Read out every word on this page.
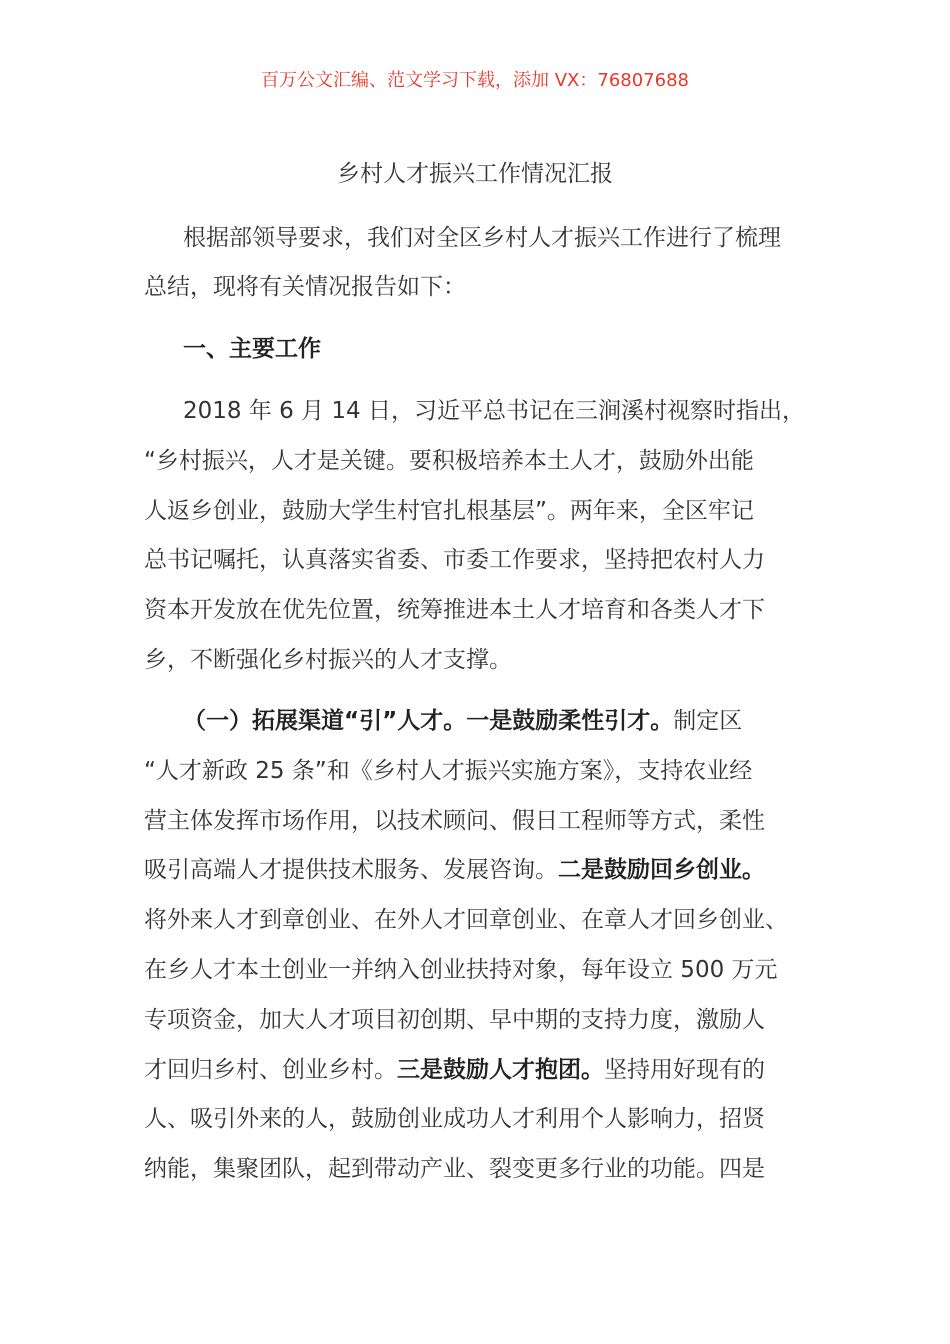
百万公文汇编、范文学习下载，添加 VX：76807688
乡村人才振兴工作情况汇报
根据部领导要求，我们对全区乡村人才振兴工作进行了梳理
总结，现将有关情况报告如下：
一、主要工作
2018 年 6 月 14 日，习近平总书记在三涧溪村视察时指出，
“乡村振兴，人才是关键。要积极培养本土人才，鼓励外出能
人返乡创业，鼓励大学生村官扎根基层”。两年来，全区牢记
总书记嘱托，认真落实省委、市委工作要求，坚持把农村人力
资本开发放在优先位置，统筹推进本土人才培育和各类人才下
乡，不断强化乡村振兴的人才支撑。
（一）拓展渠道“引”人才。一是鼓励柔性引才。制定区
“人才新政 25 条”和《乡村人才振兴实施方案》，支持农业经
营主体发挥市场作用，以技术顾问、假日工程师等方式，柔性
吸引高端人才提供技术服务、发展咨询。二是鼓励回乡创业。
将外来人才到章创业、在外人才回章创业、在章人才回乡创业、
在乡人才本土创业一并纳入创业扶持对象，每年设立 500 万元
专项资金，加大人才项目初创期、早中期的支持力度，激励人
才回归乡村、创业乡村。三是鼓励人才抱团。坚持用好现有的
人、吸引外来的人，鼓励创业成功人才利用个人影响力，招贤
纳能，集聚团队，起到带动产业、裂变更多行业的功能。四是
